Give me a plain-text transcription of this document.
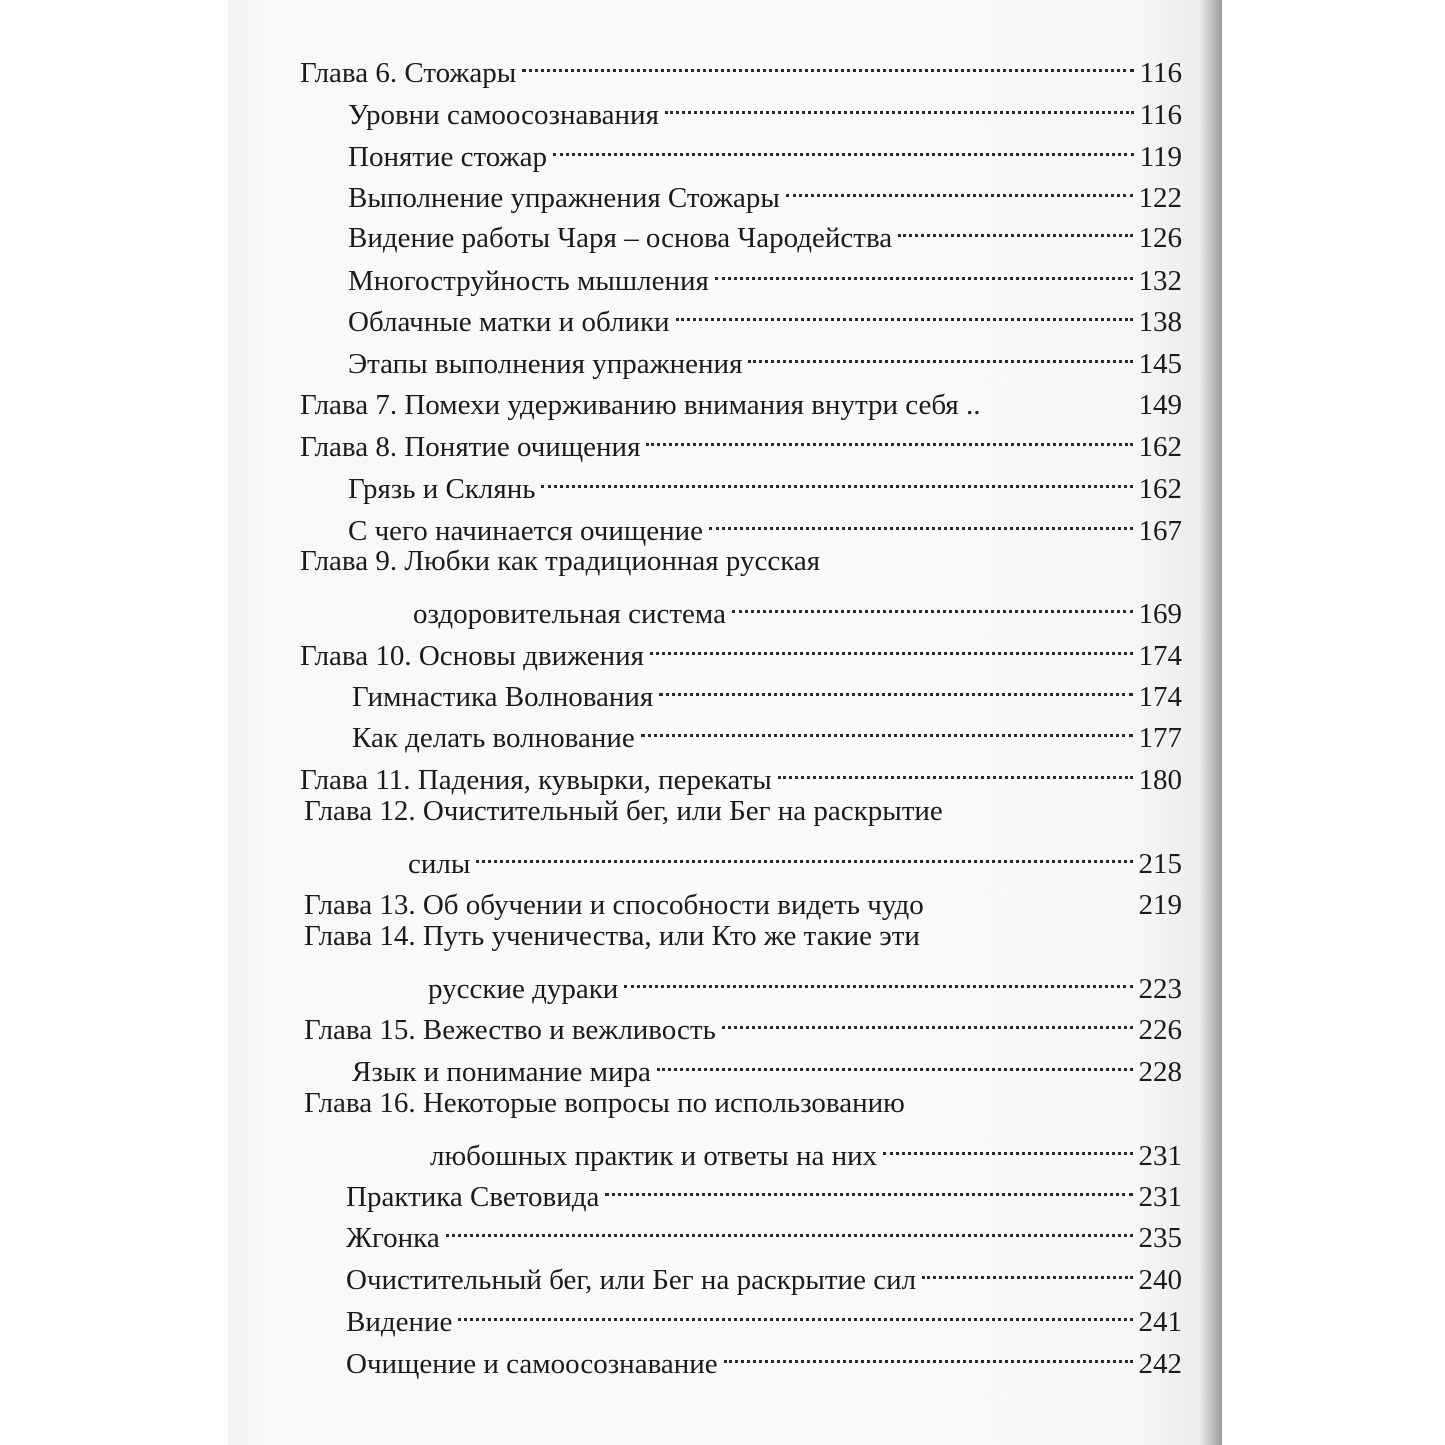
Глава 6. Стожары	116
Уровни самоосознавания	116
Понятие стожар	119
Выполнение упражнения Стожары	122
Видение работы Чаря – основа Чародейства	126
Многоструйность мышления	132
Облачные матки и облики	138
Этапы выполнения упражнения	145
Глава 7. Помехи удерживанию внимания внутри себя ..	149
Глава 8. Понятие очищения	162
Грязь и Склянь	162
С чего начинается очищение	167
Глава 9. Любки как традиционная русская
оздоровительная система	169
Глава 10. Основы движения	174
Гимнастика Волнования	174
Как делать волнование	177
Глава 11. Падения, кувырки, перекаты	180
Глава 12. Очистительный бег, или Бег на раскрытие
силы	215
Глава 13. Об обучении и способности видеть чудо	219
Глава 14. Путь ученичества, или Кто же такие эти
русские дураки	223
Глава 15. Вежество и вежливость	226
Язык и понимание мира	228
Глава 16. Некоторые вопросы по использованию
любошных практик и ответы на них	231
Практика Световида	231
Жгонка	235
Очистительный бег, или Бег на раскрытие сил	240
Видение	241
Очищение и самоосознавание	242
